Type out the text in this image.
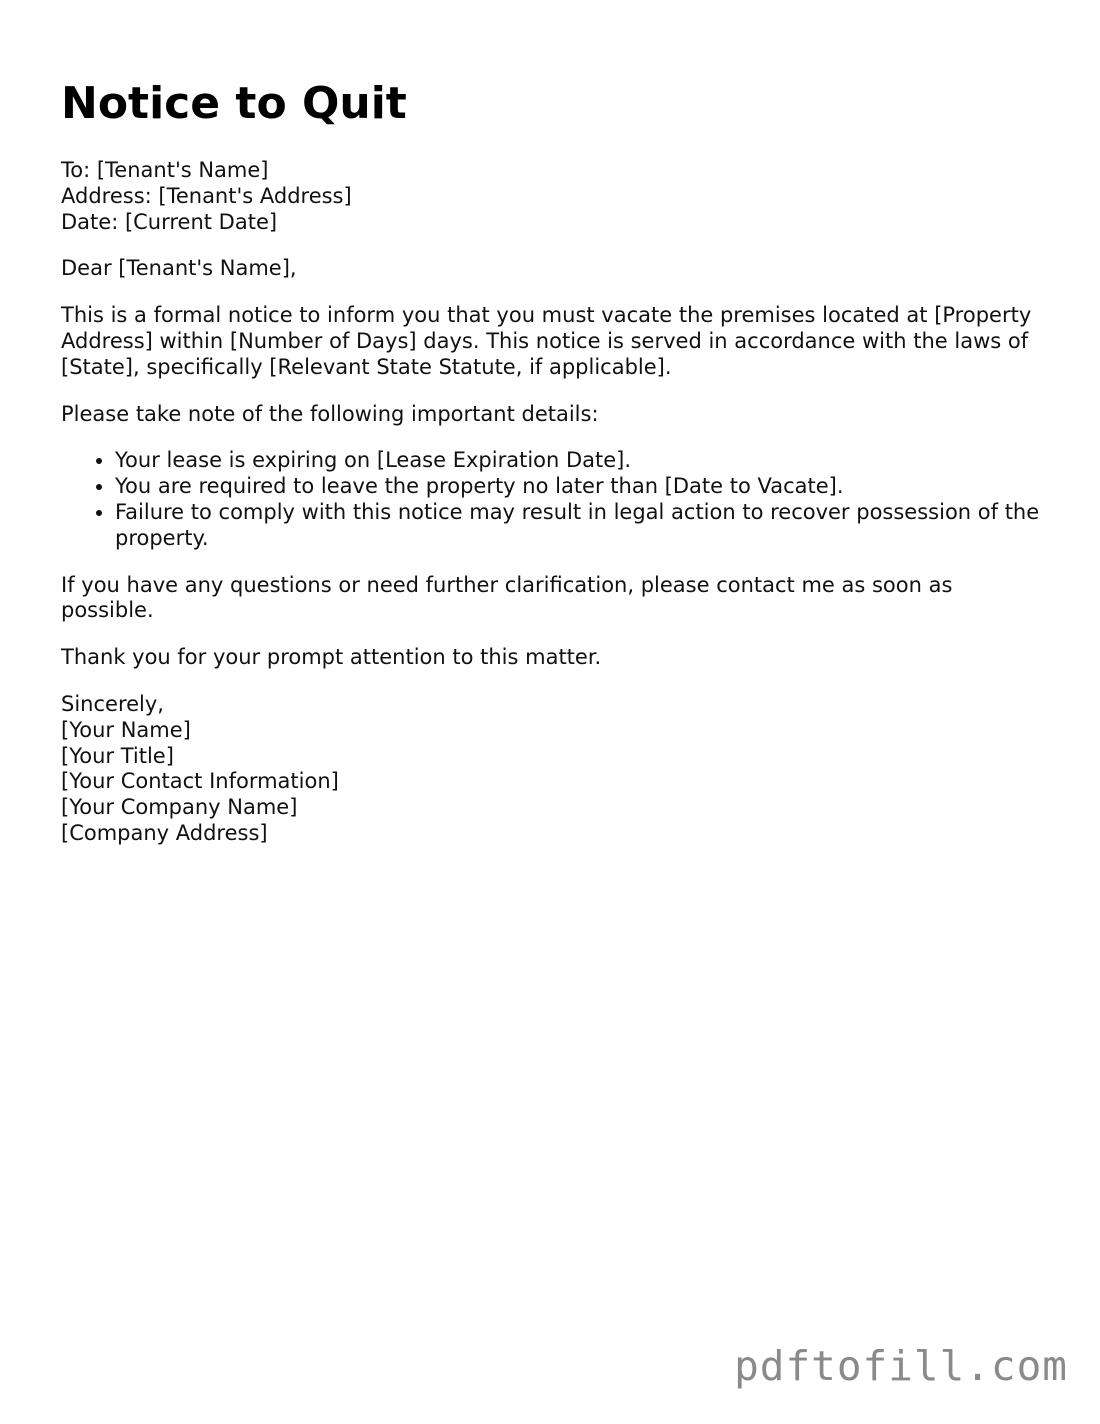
Notice to Quit

To: [Tenant's Name]
Address: [Tenant's Address]
Date: [Current Date]

Dear [Tenant's Name],

This is a formal notice to inform you that you must vacate the premises located at [Property Address] within [Number of Days] days. This notice is served in accordance with the laws of [State], specifically [Relevant State Statute, if applicable].

Please take note of the following important details:

• Your lease is expiring on [Lease Expiration Date].
• You are required to leave the property no later than [Date to Vacate].
• Failure to comply with this notice may result in legal action to recover possession of the property.

If you have any questions or need further clarification, please contact me as soon as possible.

Thank you for your prompt attention to this matter.

Sincerely,
[Your Name]
[Your Title]
[Your Contact Information]
[Your Company Name]
[Company Address]

pdftofill.com
